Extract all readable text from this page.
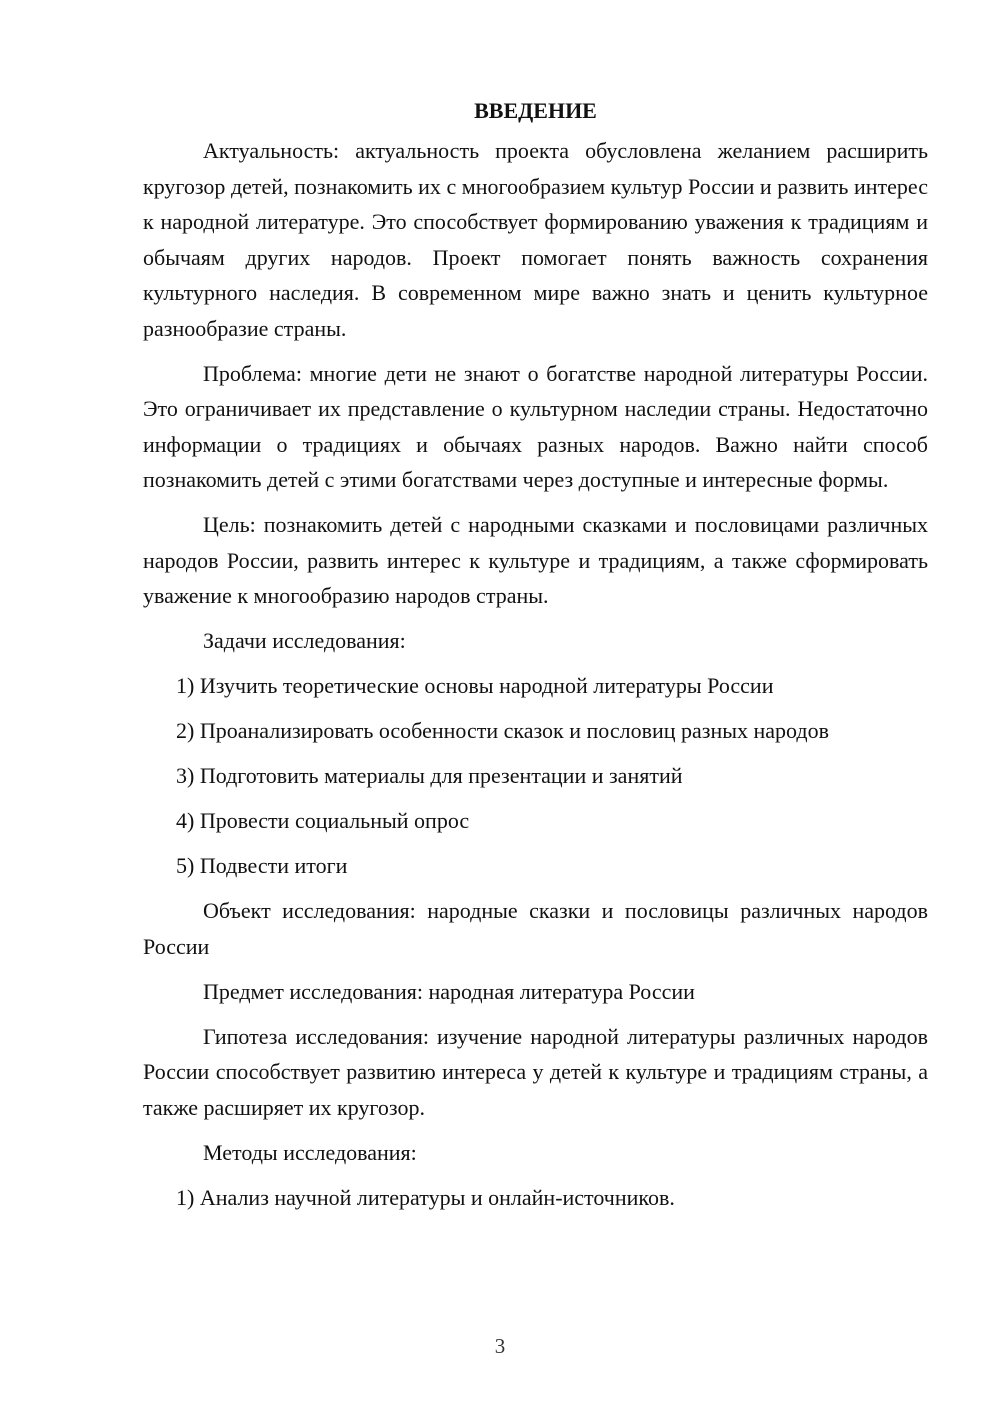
ВВЕДЕНИЕ

Актуальность: актуальность проекта обусловлена желанием расширить кругозор детей, познакомить их с многообразием культур России и развить интерес к народной литературе. Это способствует формированию уважения к традициям и обычаям других народов. Проект помогает понять важность сохранения культурного наследия. В современном мире важно знать и ценить культурное разнообразие страны.

Проблема: многие дети не знают о богатстве народной литературы России. Это ограничивает их представление о культурном наследии страны. Недостаточно информации о традициях и обычаях разных народов. Важно найти способ познакомить детей с этими богатствами через доступные и интересные формы.

Цель: познакомить детей с народными сказками и пословицами различных народов России, развить интерес к культуре и традициям, а также сформировать уважение к многообразию народов страны.

Задачи исследования:

1) Изучить теоретические основы народной литературы России

2) Проанализировать особенности сказок и пословиц разных народов

3) Подготовить материалы для презентации и занятий

4) Провести социальный опрос

5) Подвести итоги

Объект исследования: народные сказки и пословицы различных народов России

Предмет исследования: народная литература России

Гипотеза исследования: изучение народной литературы различных народов России способствует развитию интереса у детей к культуре и традициям страны, а также расширяет их кругозор.

Методы исследования:

1) Анализ научной литературы и онлайн-источников.

3
